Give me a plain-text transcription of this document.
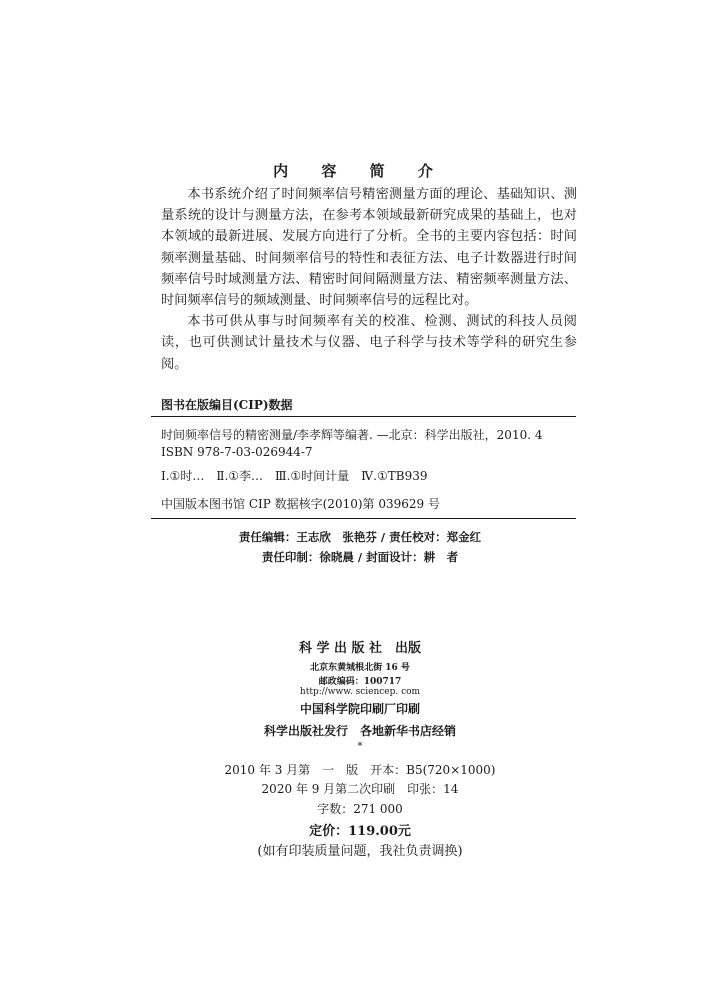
内 容 简 介

本书系统介绍了时间频率信号精密测量方面的理论、基础知识、测量系统的设计与测量方法，在参考本领域最新研究成果的基础上，也对本领域的最新进展、发展方向进行了分析。全书的主要内容包括：时间频率测量基础、时间频率信号的特性和表征方法、电子计数器进行时间频率信号时域测量方法、精密时间间隔测量方法、精密频率测量方法、时间频率信号的频域测量、时间频率信号的远程比对。

本书可供从事与时间频率有关的校准、检测、测试的科技人员阅读，也可供测试计量技术与仪器、电子科学与技术等学科的研究生参阅。

图书在版编目(CIP)数据
时间频率信号的精密测量/李孝辉等编著. —北京：科学出版社，2010. 4
ISBN 978-7-03-026944-7
Ⅰ.①时…　Ⅱ.①李…　Ⅲ.①时间计量　Ⅳ.①TB939
中国版本图书馆 CIP 数据核字(2010)第 039629 号
责任编辑：王志欣　张艳芬 / 责任校对：郑金红
责任印制：徐晓晨 / 封面设计：耕　者
科 学 出 版 社　出版
北京东黄城根北街 16 号
邮政编码：100717
http://www. sciencep. com
中国科学院印刷厂印刷
科学出版社发行　各地新华书店经销
*
2010 年 3 月第　一　版　开本：B5(720×1000)
2020 年 9 月第二次印刷　印张：14
字数：271 000
定价：119.00元
(如有印装质量问题，我社负责调换)
